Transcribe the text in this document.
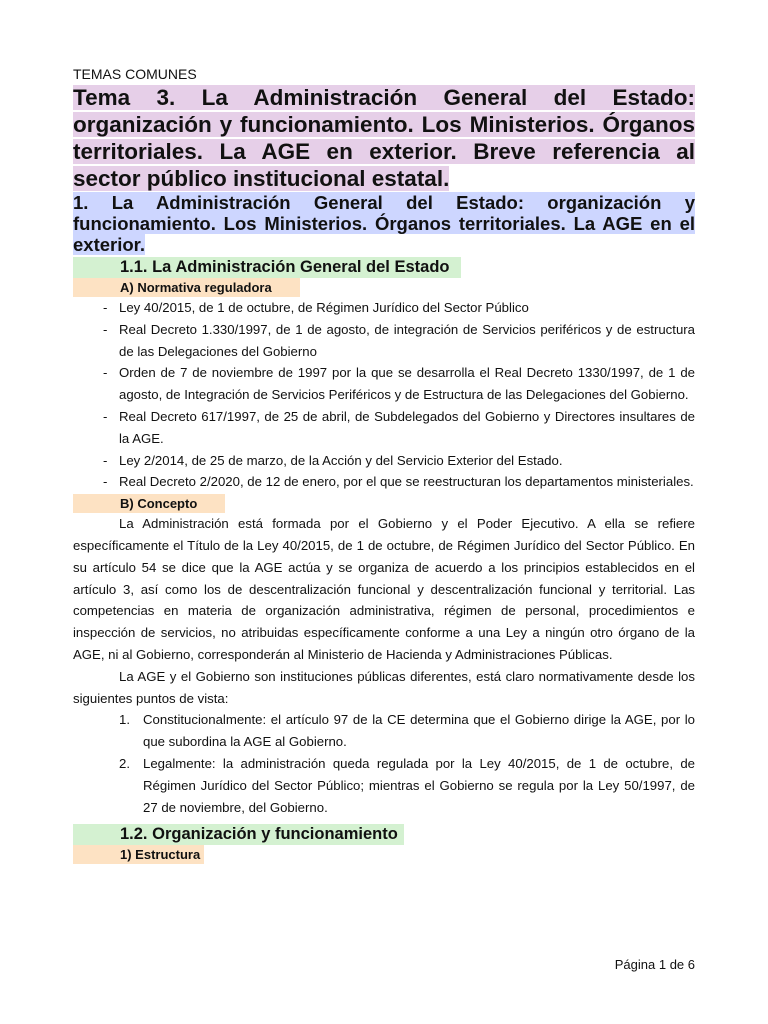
TEMAS COMUNES

Tema 3. La Administración General del Estado: organización y funcionamiento. Los Ministerios. Órganos territoriales. La AGE en exterior. Breve referencia al sector público institucional estatal.
1. La Administración General del Estado: organización y funcionamiento. Los Ministerios. Órganos territoriales. La AGE en el exterior.
1.1. La Administración General del Estado
A) Normativa reguladora
- Ley 40/2015, de 1 de octubre, de Régimen Jurídico del Sector Público
- Real Decreto 1.330/1997, de 1 de agosto, de integración de Servicios periféricos y de estructura de las Delegaciones del Gobierno
- Orden de 7 de noviembre de 1997 por la que se desarrolla el Real Decreto 1330/1997, de 1 de agosto, de Integración de Servicios Periféricos y de Estructura de las Delegaciones del Gobierno.
- Real Decreto 617/1997, de 25 de abril, de Subdelegados del Gobierno y Directores insultares de la AGE.
- Ley 2/2014, de 25 de marzo, de la Acción y del Servicio Exterior del Estado.
- Real Decreto 2/2020, de 12 de enero, por el que se reestructuran los departamentos ministeriales.
B) Concepto

La Administración está formada por el Gobierno y el Poder Ejecutivo. A ella se refiere específicamente el Título de la Ley 40/2015, de 1 de octubre, de Régimen Jurídico del Sector Público. En su artículo 54 se dice que la AGE actúa y se organiza de acuerdo a los principios establecidos en el artículo 3, así como los de descentralización funcional y descentralización funcional y territorial. Las competencias en materia de organización administrativa, régimen de personal, procedimientos e inspección de servicios, no atribuidas específicamente conforme a una Ley a ningún otro órgano de la AGE, ni al Gobierno, corresponderán al Ministerio de Hacienda y Administraciones Públicas.

La AGE y el Gobierno son instituciones públicas diferentes, está claro normativamente desde los siguientes puntos de vista:

1. Constitucionalmente: el artículo 97 de la CE determina que el Gobierno dirige la AGE, por lo que subordina la AGE al Gobierno.
2. Legalmente: la administración queda regulada por la Ley 40/2015, de 1 de octubre, de Régimen Jurídico del Sector Público; mientras el Gobierno se regula por la Ley 50/1997, de 27 de noviembre, del Gobierno.
1.2. Organización y funcionamiento
1) Estructura
Página 1 de 6
